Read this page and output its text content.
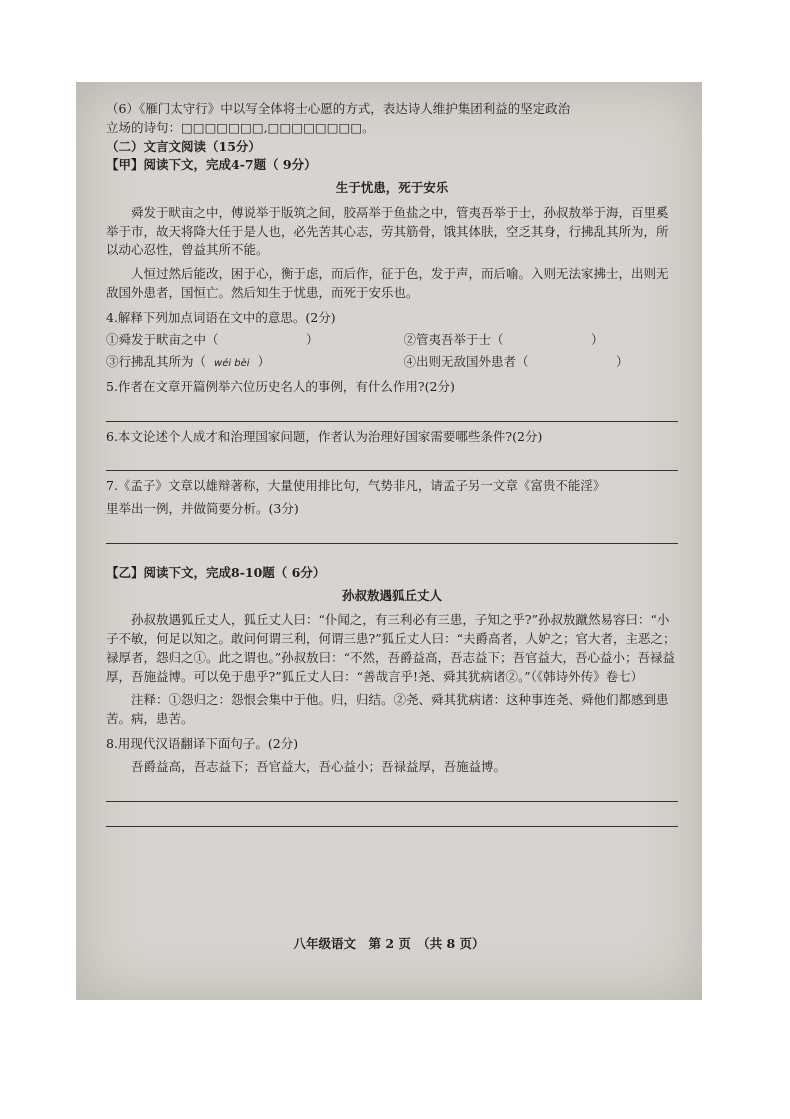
（6）《雁门太守行》中以写全体将士心愿的方式，表达诗人维护集团利益的坚定政治

立场的诗句：□□□□□□□,□□□□□□□□。

（二）文言文阅读（15分）

【甲】阅读下文，完成4-7题（ 9分）

生于忧患，死于安乐

舜发于畎亩之中，傅说举于版筑之间，胶鬲举于鱼盐之中，管夷吾举于士，孙叔敖举于海，百里奚举于市，故天将降大任于是人也，必先苦其心志，劳其筋骨，饿其体肤，空乏其身，行拂乱其所为，所以动心忍性，曾益其所不能。

人恒过然后能改，困于心，衡于虑，而后作，征于色，发于声，而后喻。入则无法家拂士，出则无敌国外患者，国恒亡。然后知生于忧患，而死于安乐也。

4.解释下列加点词语在文中的意思。(2分)

①舜发于畎亩之中（　　　　　　　）	②管夷吾举于士（　　　　　　　）
③行拂乱其所为（ wéi bèi ）	④出则无敌国外患者（　　　　　　　）

5.作者在文章开篇例举六位历史名人的事例，有什么作用?(2分)

6.本文论述个人成才和治理国家问题，作者认为治理好国家需要哪些条件?(2分)

7.《孟子》文章以雄辩著称，大量使用排比句，气势非凡，请孟子另一文章《富贵不能淫》

里举出一例，并做简要分析。(3分)

【乙】阅读下文，完成8-10题（ 6分）

孙叔敖遇狐丘丈人

孙叔敖遇狐丘丈人，狐丘丈人曰：“仆闻之，有三利必有三患，子知之乎?”孙叔敖蹴然易容曰：“小子不敏，何足以知之。敢问何谓三利，何谓三患?”狐丘丈人曰：“夫爵高者，人妒之；官大者，主恶之；禄厚者，怨归之①。此之谓也。”孙叔敖曰：“不然，吾爵益高，吾志益下；吾官益大，吾心益小；吾禄益厚，吾施益博。可以免于患乎?”狐丘丈人曰：“善哉言乎!尧、舜其犹病诸②。”（《韩诗外传》卷七）

注释：①怨归之：怨恨会集中于他。归，归结。②尧、舜其犹病诸：这种事连尧、舜他们都感到患苦。病，患苦。

8.用现代汉语翻译下面句子。(2分)

吾爵益高，吾志益下；吾官益大，吾心益小；吾禄益厚，吾施益博。

八年级语文　第 2 页　（共 8 页）
